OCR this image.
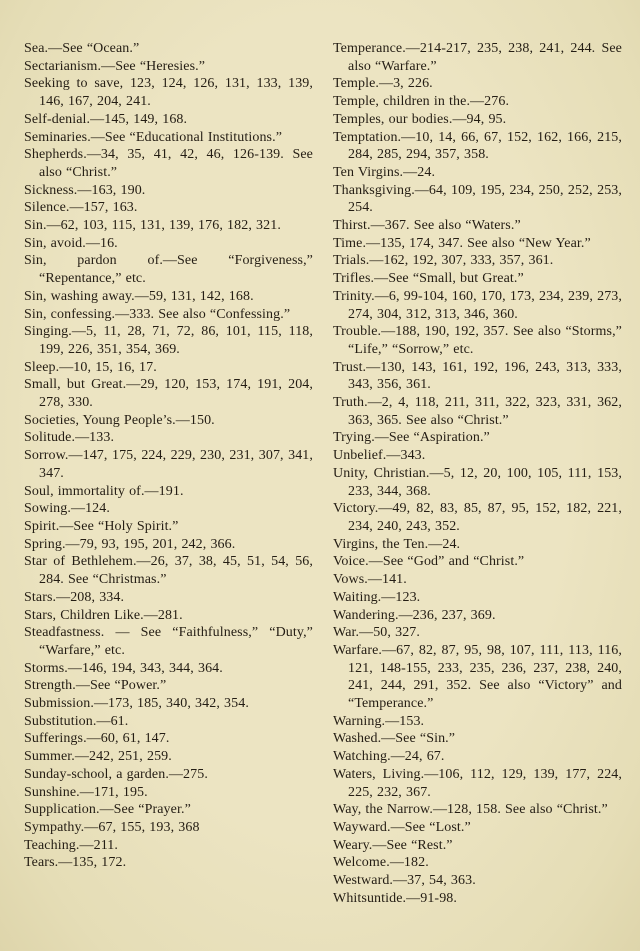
Sea.—See “Ocean.”

Sectarianism.—See “Heresies.”

Seeking to save, 123, 124, 126, 131, 133, 139, 146, 167, 204, 241.

Self-denial.—145, 149, 168.

Seminaries.—See “Educational Institutions.”

Shepherds.—34, 35, 41, 42, 46, 126-139. See also “Christ.”

Sickness.—163, 190.

Silence.—157, 163.

Sin.—62, 103, 115, 131, 139, 176, 182, 321.

Sin, avoid.—16.

Sin, pardon of.—See “Forgiveness,” “Repentance,” etc.

Sin, washing away.—59, 131, 142, 168.

Sin, confessing.—333. See also “Confessing.”

Singing.—5, 11, 28, 71, 72, 86, 101, 115, 118, 199, 226, 351, 354, 369.

Sleep.—10, 15, 16, 17.

Small, but Great.—29, 120, 153, 174, 191, 204, 278, 330.

Societies, Young People’s.—150.

Solitude.—133.

Sorrow.—147, 175, 224, 229, 230, 231, 307, 341, 347.

Soul, immortality of.—191.

Sowing.—124.

Spirit.—See “Holy Spirit.”

Spring.—79, 93, 195, 201, 242, 366.

Star of Bethlehem.—26, 37, 38, 45, 51, 54, 56, 284. See “Christmas.”

Stars.—208, 334.

Stars, Children Like.—281.

Steadfastness. — See “Faithfulness,” “Duty,” “Warfare,” etc.

Storms.—146, 194, 343, 344, 364.

Strength.—See “Power.”

Submission.—173, 185, 340, 342, 354.

Substitution.—61.

Sufferings.—60, 61, 147.

Summer.—242, 251, 259.

Sunday-school, a garden.—275.

Sunshine.—171, 195.

Supplication.—See “Prayer.”

Sympathy.—67, 155, 193, 368

Teaching.—211.

Tears.—135, 172.

Temperance.—214-217, 235, 238, 241, 244. See also “Warfare.”

Temple.—3, 226.

Temple, children in the.—276.

Temples, our bodies.—94, 95.

Temptation.—10, 14, 66, 67, 152, 162, 166, 215, 284, 285, 294, 357, 358.

Ten Virgins.—24.

Thanksgiving.—64, 109, 195, 234, 250, 252, 253, 254.

Thirst.—367. See also “Waters.”

Time.—135, 174, 347. See also “New Year.”

Trials.—162, 192, 307, 333, 357, 361.

Trifles.—See “Small, but Great.”

Trinity.—6, 99-104, 160, 170, 173, 234, 239, 273, 274, 304, 312, 313, 346, 360.

Trouble.—188, 190, 192, 357. See also “Storms,” “Life,” “Sorrow,” etc.

Trust.—130, 143, 161, 192, 196, 243, 313, 333, 343, 356, 361.

Truth.—2, 4, 118, 211, 311, 322, 323, 331, 362, 363, 365. See also “Christ.”

Trying.—See “Aspiration.”

Unbelief.—343.

Unity, Christian.—5, 12, 20, 100, 105, 111, 153, 233, 344, 368.

Victory.—49, 82, 83, 85, 87, 95, 152, 182, 221, 234, 240, 243, 352.

Virgins, the Ten.—24.

Voice.—See “God” and “Christ.”

Vows.—141.

Waiting.—123.

Wandering.—236, 237, 369.

War.—50, 327.

Warfare.—67, 82, 87, 95, 98, 107, 111, 113, 116, 121, 148-155, 233, 235, 236, 237, 238, 240, 241, 244, 291, 352. See also “Victory” and “Temperance.”

Warning.—153.

Washed.—See “Sin.”

Watching.—24, 67.

Waters, Living.—106, 112, 129, 139, 177, 224, 225, 232, 367.

Way, the Narrow.—128, 158. See also “Christ.”

Wayward.—See “Lost.”

Weary.—See “Rest.”

Welcome.—182.

Westward.—37, 54, 363.

Whitsuntide.—91-98.
